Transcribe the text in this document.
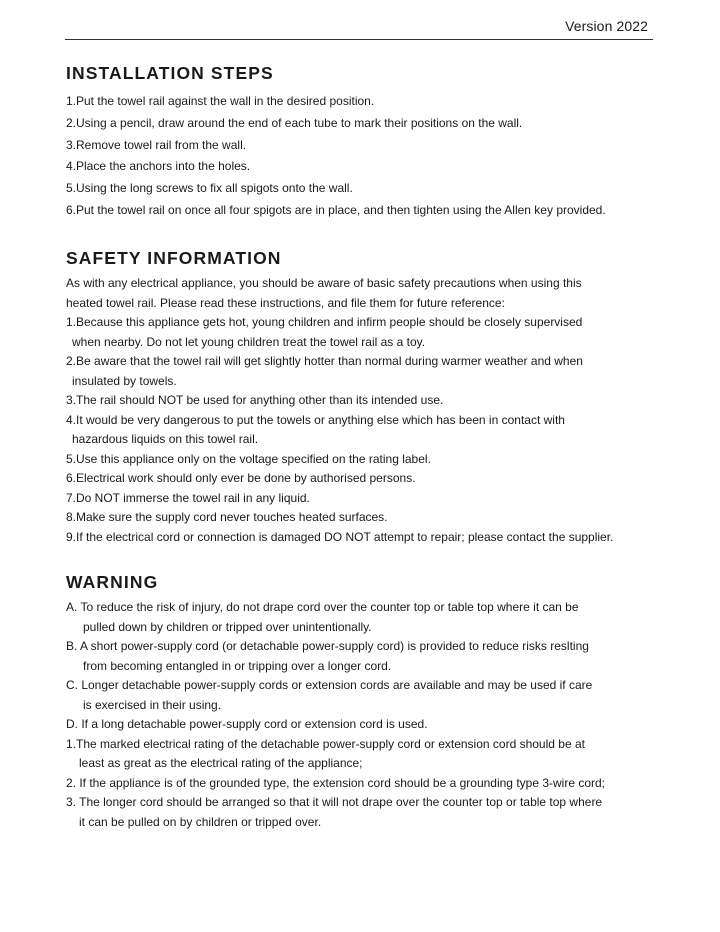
Version 2022
INSTALLATION STEPS

1.Put the towel rail against the wall in the desired position.

2.Using a pencil, draw around the end of each tube to mark their positions on the wall.

3.Remove towel rail from the wall.

4.Place the anchors into the holes.

5.Using the long screws to fix all spigots onto the wall.

6.Put the towel rail on once all four spigots are in place, and then tighten using the Allen key provided.

SAFETY INFORMATION

As with any electrical appliance, you should be aware of basic safety precautions when using this

heated towel rail. Please read these instructions, and file them for future reference:

1.Because this appliance gets hot, young children and infirm people should be closely supervised

when nearby. Do not let young children treat the towel rail as a toy.

2.Be aware that the towel rail will get slightly hotter than normal during warmer weather and when

insulated by towels.

3.The rail should NOT be used for anything other than its intended use.

4.It would be very dangerous to put the towels or anything else which has been in contact with

hazardous liquids on this towel rail.

5.Use this appliance only on the voltage specified on the rating label.

6.Electrical work should only ever be done by authorised persons.

7.Do NOT immerse the towel rail in any liquid.

8.Make sure the supply cord never touches heated surfaces.

9.If the electrical cord or connection is damaged DO NOT attempt to repair; please contact the supplier.

WARNING

A. To reduce the risk of injury, do not drape cord over the counter top or table top where it can be

pulled down by children or tripped over unintentionally.

B. A short power-supply cord (or detachable power-supply cord) is provided to reduce risks reslting

from becoming entangled in or tripping over a longer cord.

C. Longer detachable power-supply cords or extension cords are available and may be used if care

is exercised in their using.

D. If a long detachable power-supply cord or extension cord is used.

1.The marked electrical rating of the detachable power-supply cord or extension cord should be at

least as great as the electrical rating of the appliance;

2. If the appliance is of the grounded type, the extension cord should be a grounding type 3-wire cord;

3. The longer cord should be arranged so that it will not drape over the counter top or table top where

it can be pulled on by children or tripped over.
